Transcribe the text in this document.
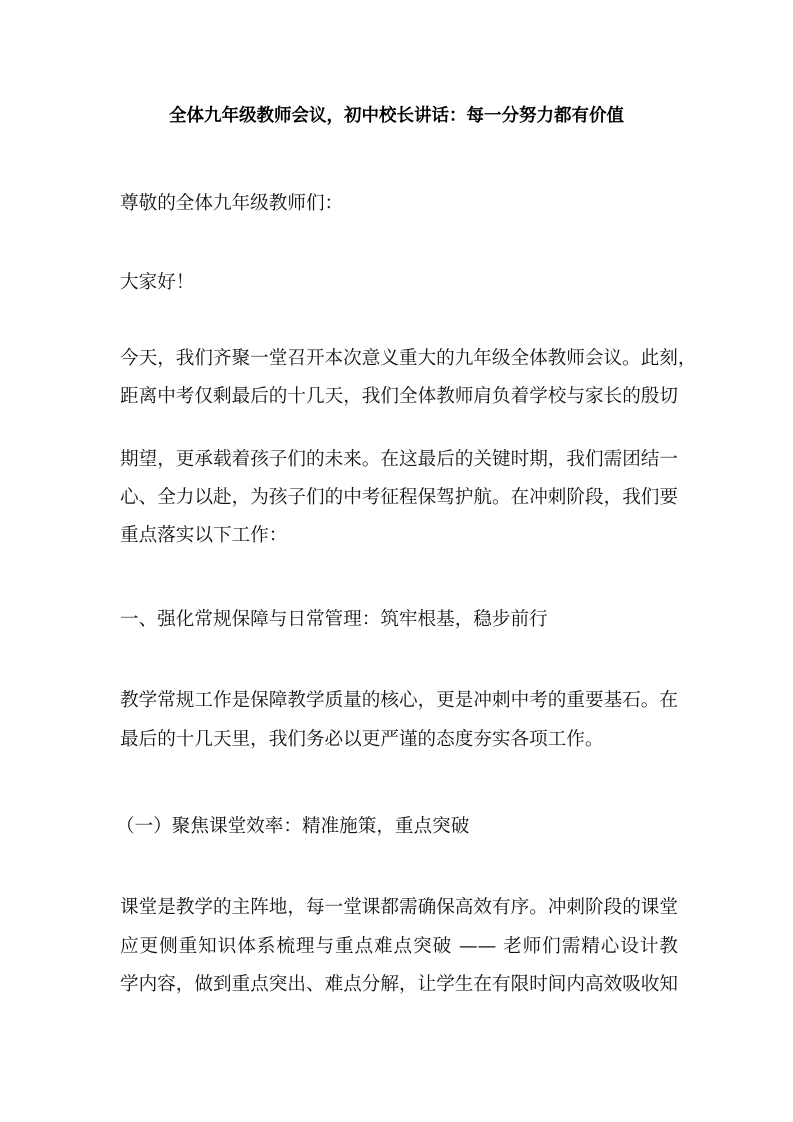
全体九年级教师会议，初中校长讲话：每一分努力都有价值
尊敬的全体九年级教师们：
大家好！
今天，我们齐聚一堂召开本次意义重大的九年级全体教师会议。此刻，
距离中考仅剩最后的十几天，我们全体教师肩负着学校与家长的殷切
期望，更承载着孩子们的未来。在这最后的关键时期，我们需团结一
心、全力以赴，为孩子们的中考征程保驾护航。在冲刺阶段，我们要
重点落实以下工作：
一、强化常规保障与日常管理：筑牢根基，稳步前行
教学常规工作是保障教学质量的核心，更是冲刺中考的重要基石。在
最后的十几天里，我们务必以更严谨的态度夯实各项工作。
（一）聚焦课堂效率：精准施策，重点突破
课堂是教学的主阵地，每一堂课都需确保高效有序。冲刺阶段的课堂
应更侧重知识体系梳理与重点难点突破 —— 老师们需精心设计教
学内容，做到重点突出、难点分解，让学生在有限时间内高效吸收知
